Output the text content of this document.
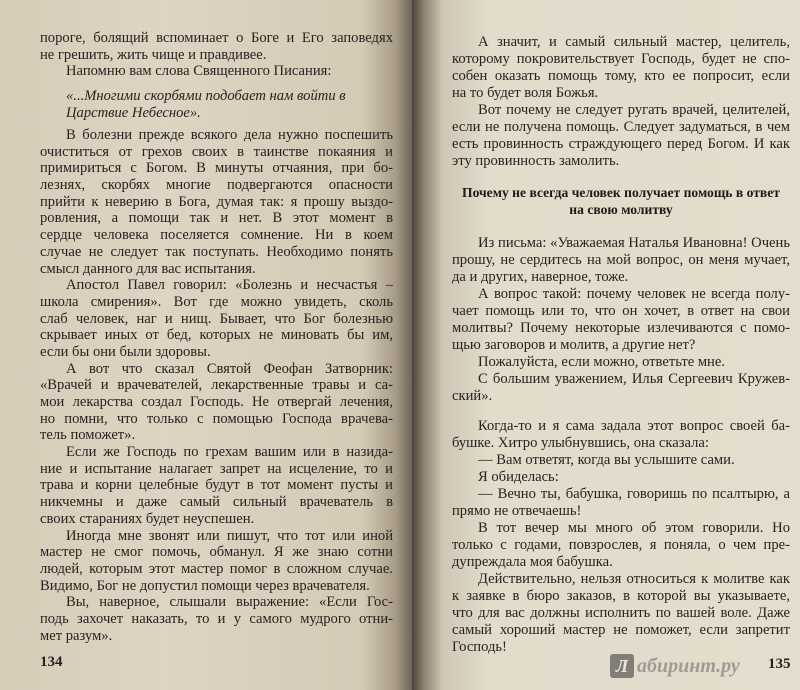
пороге, болящий вспоминает о Боге и Его заповедях
не грешить, жить чище и правдивее.
Напомню вам слова Священного Писания:
«...Многими скорбями подобает нам войти в
Царствие Небесное».
В болезни прежде всякого дела нужно поспешить
очиститься от грехов своих в таинстве покаяния и
примириться с Богом. В минуты отчаяния, при бо-
лезнях, скорбях многие подвергаются опасности
прийти к неверию в Бога, думая так: я прошу выздо-
ровления, а помощи так и нет. В этот момент в
сердце человека поселяется сомнение. Ни в коем
случае не следует так поступать. Необходимо понять
смысл данного для вас испытания.
Апостол Павел говорил: «Болезнь и несчастья –
школа смирения». Вот где можно увидеть, сколь
слаб человек, наг и нищ. Бывает, что Бог болезнью
скрывает иных от бед, которых не миновать бы им,
если бы они были здоровы.
А вот что сказал Святой Феофан Затворник:
«Врачей и врачевателей, лекарственные травы и са-
мои лекарства создал Господь. Не отвергай лечения,
но помни, что только с помощью Господа врачева-
тель поможет».
Если же Господь по грехам вашим или в назида-
ние и испытание налагает запрет на исцеление, то и
трава и корни целебные будут в тот момент пусты и
никчемны и даже самый сильный врачеватель в
своих стараниях будет неуспешен.
Иногда мне звонят или пишут, что тот или иной
мастер не смог помочь, обманул. Я же знаю сотни
людей, которым этот мастер помог в сложном случае.
Видимо, Бог не допустил помощи через врачевателя.
Вы, наверное, слышали выражение: «Если Гос-
подь захочет наказать, то и у самого мудрого отни-
мет разум».
А значит, и самый сильный мастер, целитель,
которому покровительствует Господь, будет не спо-
собен оказать помощь тому, кто ее попросит, если
на то будет воля Божья.
Вот почему не следует ругать врачей, целителей,
если не получена помощь. Следует задуматься, в чем
есть провинность страждующего перед Богом. И как
эту провинность замолить.
Из письма: «Уважаемая Наталья Ивановна! Очень
прошу, не сердитесь на мой вопрос, он меня мучает,
да и других, наверное, тоже.
А вопрос такой: почему человек не всегда полу-
чает помощь или то, что он хочет, в ответ на свои
молитвы? Почему некоторые излечиваются с помо-
щью заговоров и молитв, а другие нет?
Пожалуйста, если можно, ответьте мне.
С большим уважением, Илья Сергеевич Кружев-
ский».
Когда-то и я сама задала этот вопрос своей ба-
бушке. Хитро улыбнувшись, она сказала:
— Вам ответят, когда вы услышите сами.
Я обиделась:
— Вечно ты, бабушка, говоришь по псалтырю, а
прямо не отвечаешь!
В тот вечер мы много об этом говорили. Но
только с годами, повзрослев, я поняла, о чем пре-
дупреждала моя бабушка.
Действительно, нельзя относиться к молитве как
к заявке в бюро заказов, в которой вы указываете,
что для вас должны исполнить по вашей воле. Даже
самый хороший мастер не поможет, если запретит
Господь!
Почему не всегда человек получает помощь в ответ
на свою молитву
134	135
Л абиринт.ру
